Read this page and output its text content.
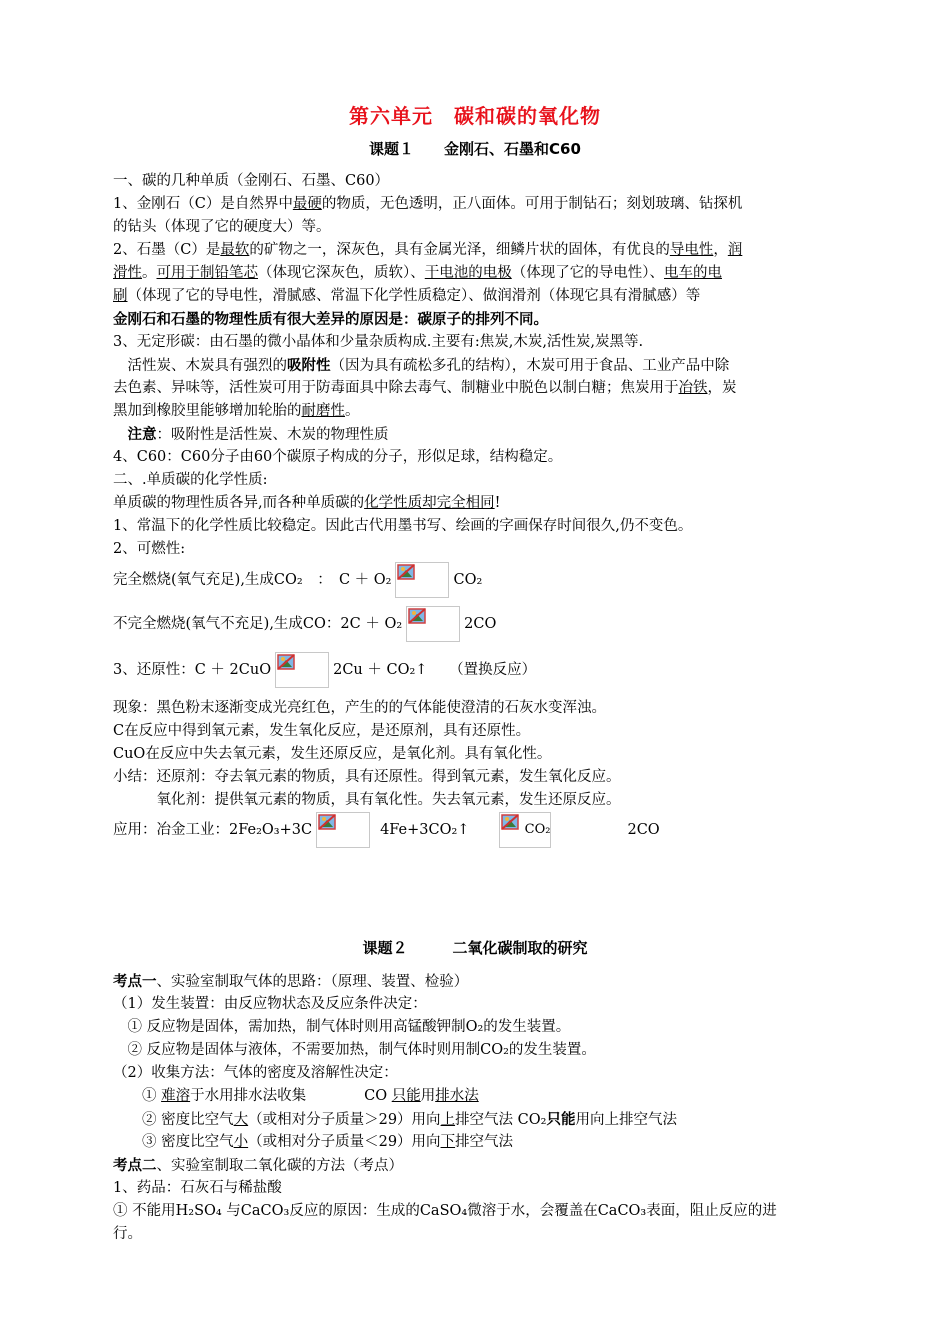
第六单元　碳和碳的氧化物
课题１　　金刚石、石墨和C60
一、碳的几种单质（金刚石、石墨、C60）
1、金刚石（C）是自然界中最硬的物质，无色透明，正八面体。可用于制钻石；刻划玻璃、钻探机
的钻头（体现了它的硬度大）等。
2、石墨（C）是最软的矿物之一，深灰色，具有金属光泽，细鳞片状的固体，有优良的导电性，润
滑性。可用于制铅笔芯（体现它深灰色，质软）、干电池的电极（体现了它的导电性）、电车的电
刷（体现了它的导电性，滑腻感、常温下化学性质稳定）、做润滑剂（体现它具有滑腻感）等
金刚石和石墨的物理性质有很大差异的原因是：碳原子的排列不同。
3、无定形碳：由石墨的微小晶体和少量杂质构成.主要有:焦炭,木炭,活性炭,炭黑等.
　活性炭、木炭具有强烈的吸附性（因为具有疏松多孔的结构），木炭可用于食品、工业产品中除
去色素、异味等，活性炭可用于防毒面具中除去毒气、制糖业中脱色以制白糖；焦炭用于冶铁，炭
黑加到橡胶里能够增加轮胎的耐磨性。
　注意：吸附性是活性炭、木炭的物理性质
4、C60：C60分子由60个碳原子构成的分子，形似足球，结构稳定。
二、.单质碳的化学性质:
单质碳的物理性质各异,而各种单质碳的化学性质却完全相同!
1、常温下的化学性质比较稳定。因此古代用墨书写、绘画的字画保存时间很久,仍不变色。
2、可燃性:
完全燃烧(氧气充足),生成CO₂　：　C ＋ O₂	CO₂
不完全燃烧(氧气不充足),生成CO：2C ＋ O₂	2CO
3、还原性：C ＋ 2CuO	2Cu ＋ CO₂↑　　（置换反应）
现象：黑色粉末逐渐变成光亮红色，产生的的气体能使澄清的石灰水变浑浊。
C在反应中得到氧元素，发生氧化反应，是还原剂，具有还原性。
CuO在反应中失去氧元素，发生还原反应，是氧化剂。具有氧化性。
小结：还原剂：夺去氧元素的物质，具有还原性。得到氧元素，发生氧化反应。
　　　氧化剂：提供氧元素的物质，具有氧化性。失去氧元素，发生还原反应。
应用：冶金工业：2Fe₂O₃+3C	4Fe+3CO₂↑	CO₂	2CO
课题２　　　二氧化碳制取的研究
考点一、实验室制取气体的思路：（原理、装置、检验）
（1）发生装置：由反应物状态及反应条件决定：
　① 反应物是固体，需加热，制气体时则用高锰酸钾制O₂的发生装置。
　② 反应物是固体与液体，不需要加热，制气体时则用制CO₂的发生装置。
（2）收集方法：气体的密度及溶解性决定：
　　① 难溶于水用排水法收集　　　　CO 只能用排水法
　　② 密度比空气大（或相对分子质量＞29）用向上排空气法 CO₂只能用向上排空气法
　　③ 密度比空气小（或相对分子质量＜29）用向下排空气法
考点二、实验室制取二氧化碳的方法（考点）
1、药品：石灰石与稀盐酸
① 不能用H₂SO₄ 与CaCO₃反应的原因：生成的CaSO₄微溶于水，会覆盖在CaCO₃表面，阻止反应的进
行。
